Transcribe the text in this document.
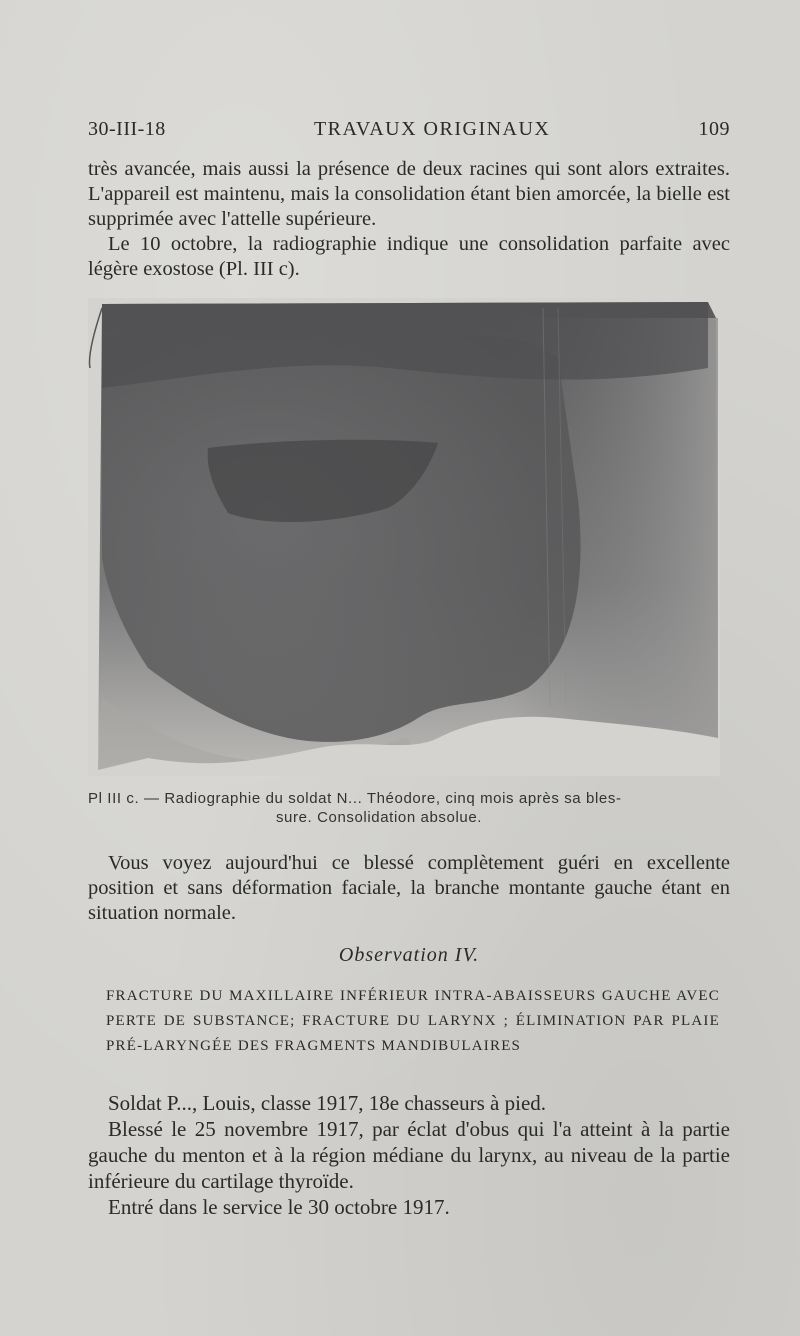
30-III-18	TRAVAUX ORIGINAUX	109
très avancée, mais aussi la présence de deux racines qui sont alors extraites. L'appareil est maintenu, mais la consolidation étant bien amorcée, la bielle est supprimée avec l'attelle supérieure.
Le 10 octobre, la radiographie indique une consolidation parfaite avec légère exostose (Pl. III c).
Pl III c. — Radiographie du soldat N... Théodore, cinq mois après sa bles-
sure. Consolidation absolue.
Vous voyez aujourd'hui ce blessé complètement guéri en excellente position et sans déformation faciale, la branche montante gauche étant en situation normale.
Observation IV.
FRACTURE DU MAXILLAIRE INFÉRIEUR INTRA-ABAISSEURS GAUCHE AVEC PERTE DE SUBSTANCE; FRACTURE DU LARYNX ; ÉLIMINATION PAR PLAIE PRÉ-LARYNGÉE DES FRAGMENTS MANDIBULAIRES
Soldat P..., Louis, classe 1917, 18e chasseurs à pied.
Blessé le 25 novembre 1917, par éclat d'obus qui l'a atteint à la partie gauche du menton et à la région médiane du larynx, au niveau de la partie inférieure du cartilage thyroïde.
Entré dans le service le 30 octobre 1917.
